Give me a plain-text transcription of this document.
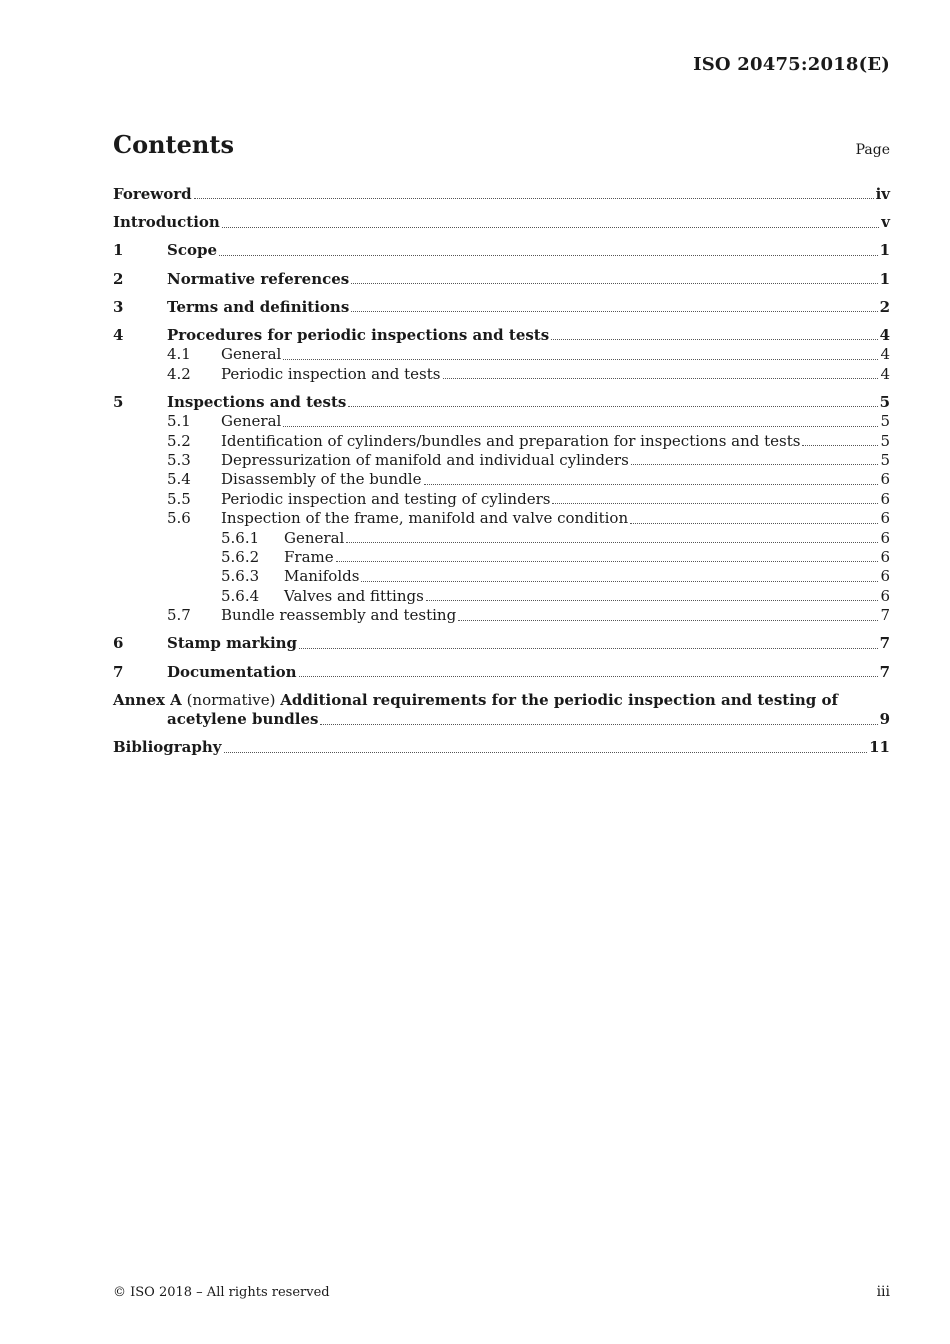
ISO 20475:2018(E)
Contents	Page
Foreword	iv
Introduction	v
1	Scope	1
2	Normative references	1
3	Terms and definitions	2
4	Procedures for periodic inspections and tests	4
4.1	General	4
4.2	Periodic inspection and tests	4
5	Inspections and tests	5
5.1	General	5
5.2	Identification of cylinders/bundles and preparation for inspections and tests	5
5.3	Depressurization of manifold and individual cylinders	5
5.4	Disassembly of the bundle	6
5.5	Periodic inspection and testing of cylinders	6
5.6	Inspection of the frame, manifold and valve condition	6
5.6.1	General	6
5.6.2	Frame	6
5.6.3	Manifolds	6
5.6.4	Valves and fittings	6
5.7	Bundle reassembly and testing	7
6	Stamp marking	7
7	Documentation	7
Annex A (normative) Additional requirements for the periodic inspection and testing of
acetylene bundles	9
Bibliography	11
© ISO 2018 – All rights reserved	iii
